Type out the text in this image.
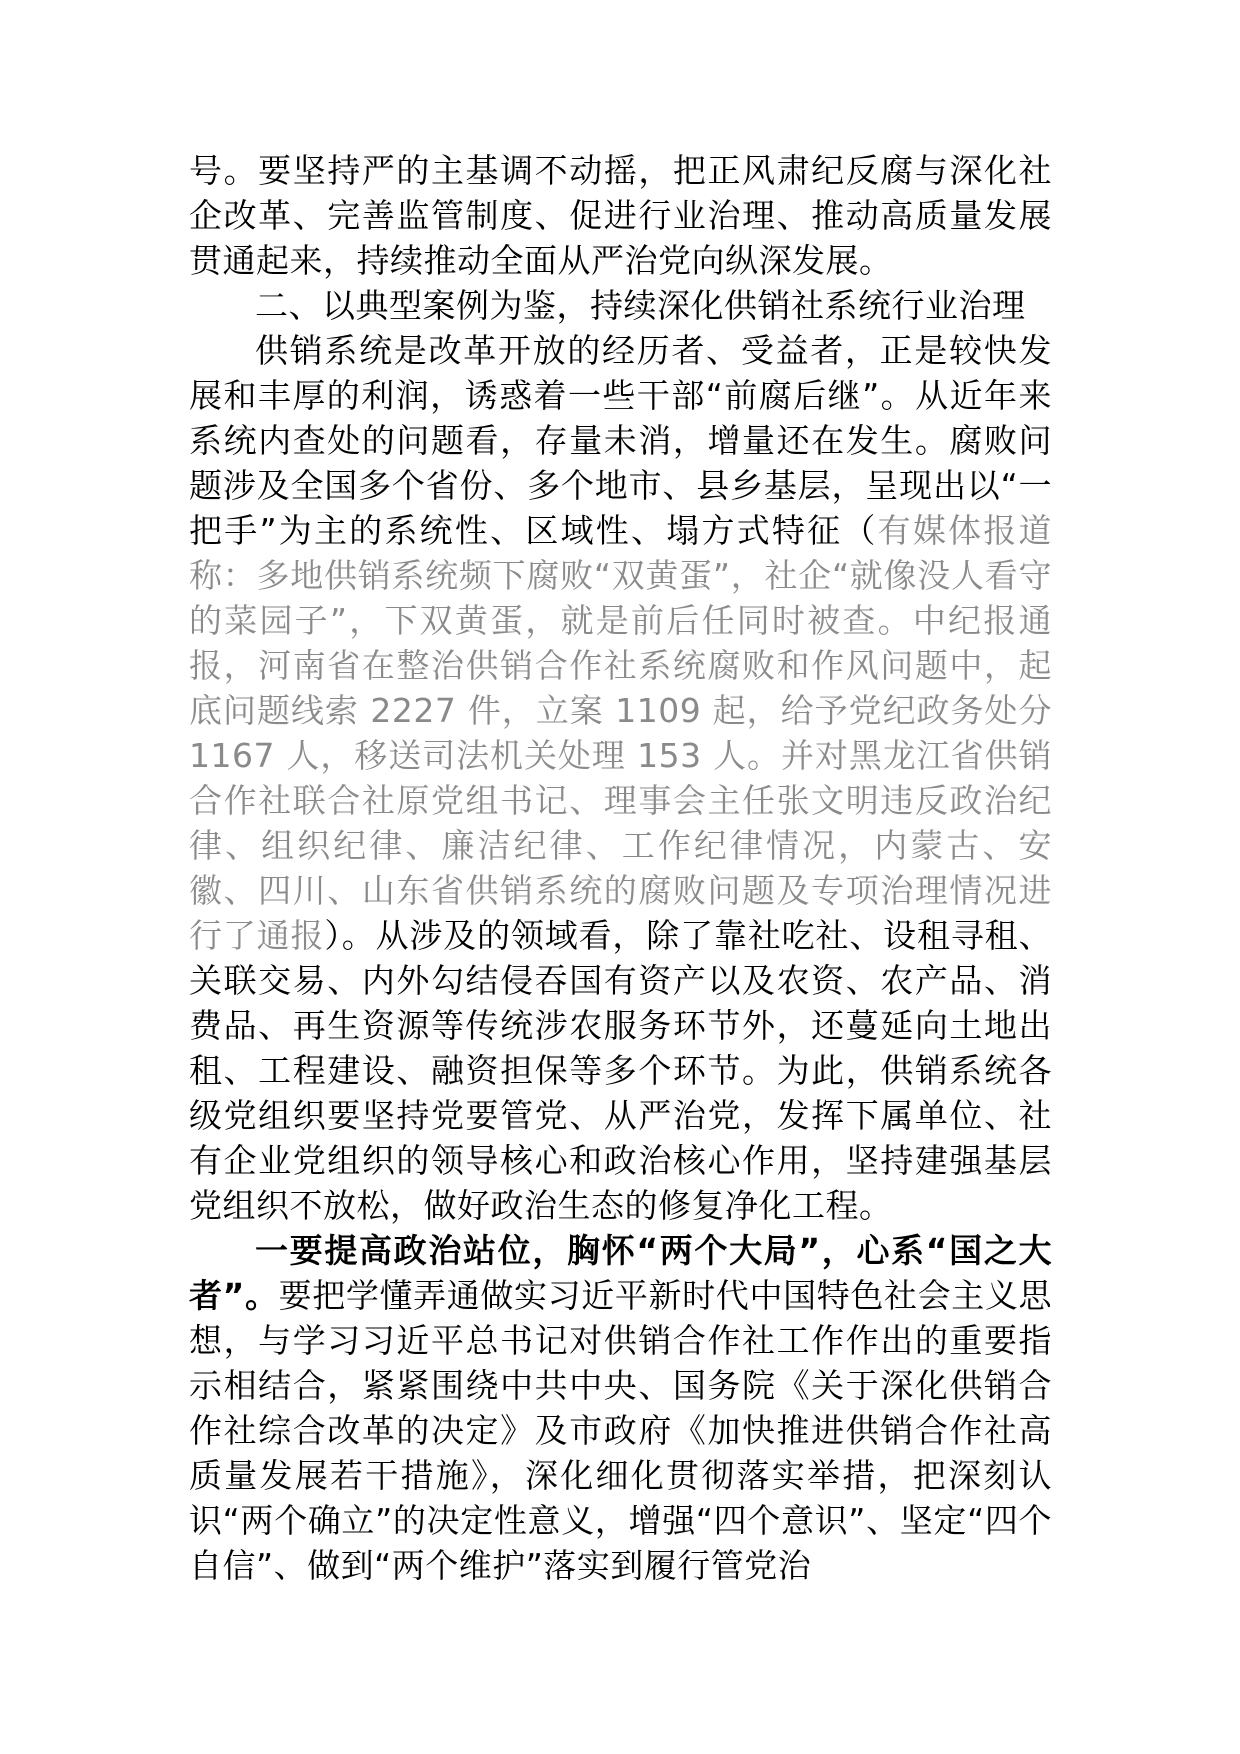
号。要坚持严的主基调不动摇，把正风肃纪反腐与深化社企改革、完善监管制度、促进行业治理、推动高质量发展贯通起来，持续推动全面从严治党向纵深发展。

二、以典型案例为鉴，持续深化供销社系统行业治理

供销系统是改革开放的经历者、受益者，正是较快发展和丰厚的利润，诱惑着一些干部“前腐后继”。从近年来系统内查处的问题看，存量未消，增量还在发生。腐败问题涉及全国多个省份、多个地市、县乡基层，呈现出以“一把手”为主的系统性、区域性、塌方式特征（有媒体报道称：多地供销系统频下腐败“双黄蛋”，社企“就像没人看守的菜园子”，下双黄蛋，就是前后任同时被查。中纪报通报，河南省在整治供销合作社系统腐败和作风问题中，起底问题线索 2227 件，立案 1109 起，给予党纪政务处分 1167 人，移送司法机关处理 153 人。并对黑龙江省供销合作社联合社原党组书记、理事会主任张文明违反政治纪律、组织纪律、廉洁纪律、工作纪律情况，内蒙古、安徽、四川、山东省供销系统的腐败问题及专项治理情况进行了通报）。从涉及的领域看，除了靠社吃社、设租寻租、关联交易、内外勾结侵吞国有资产以及农资、农产品、消费品、再生资源等传统涉农服务环节外，还蔓延向土地出租、工程建设、融资担保等多个环节。为此，供销系统各级党组织要坚持党要管党、从严治党，发挥下属单位、社有企业党组织的领导核心和政治核心作用，坚持建强基层党组织不放松，做好政治生态的修复净化工程。

一要提高政治站位，胸怀“两个大局”，心系“国之大者”。要把学懂弄通做实习近平新时代中国特色社会主义思想，与学习习近平总书记对供销合作社工作作出的重要指示相结合，紧紧围绕中共中央、国务院《关于深化供销合作社综合改革的决定》及市政府《加快推进供销合作社高质量发展若干措施》，深化细化贯彻落实举措，把深刻认识“两个确立”的决定性意义，增强“四个意识”、坚定“四个自信”、做到“两个维护”落实到履行管党治
